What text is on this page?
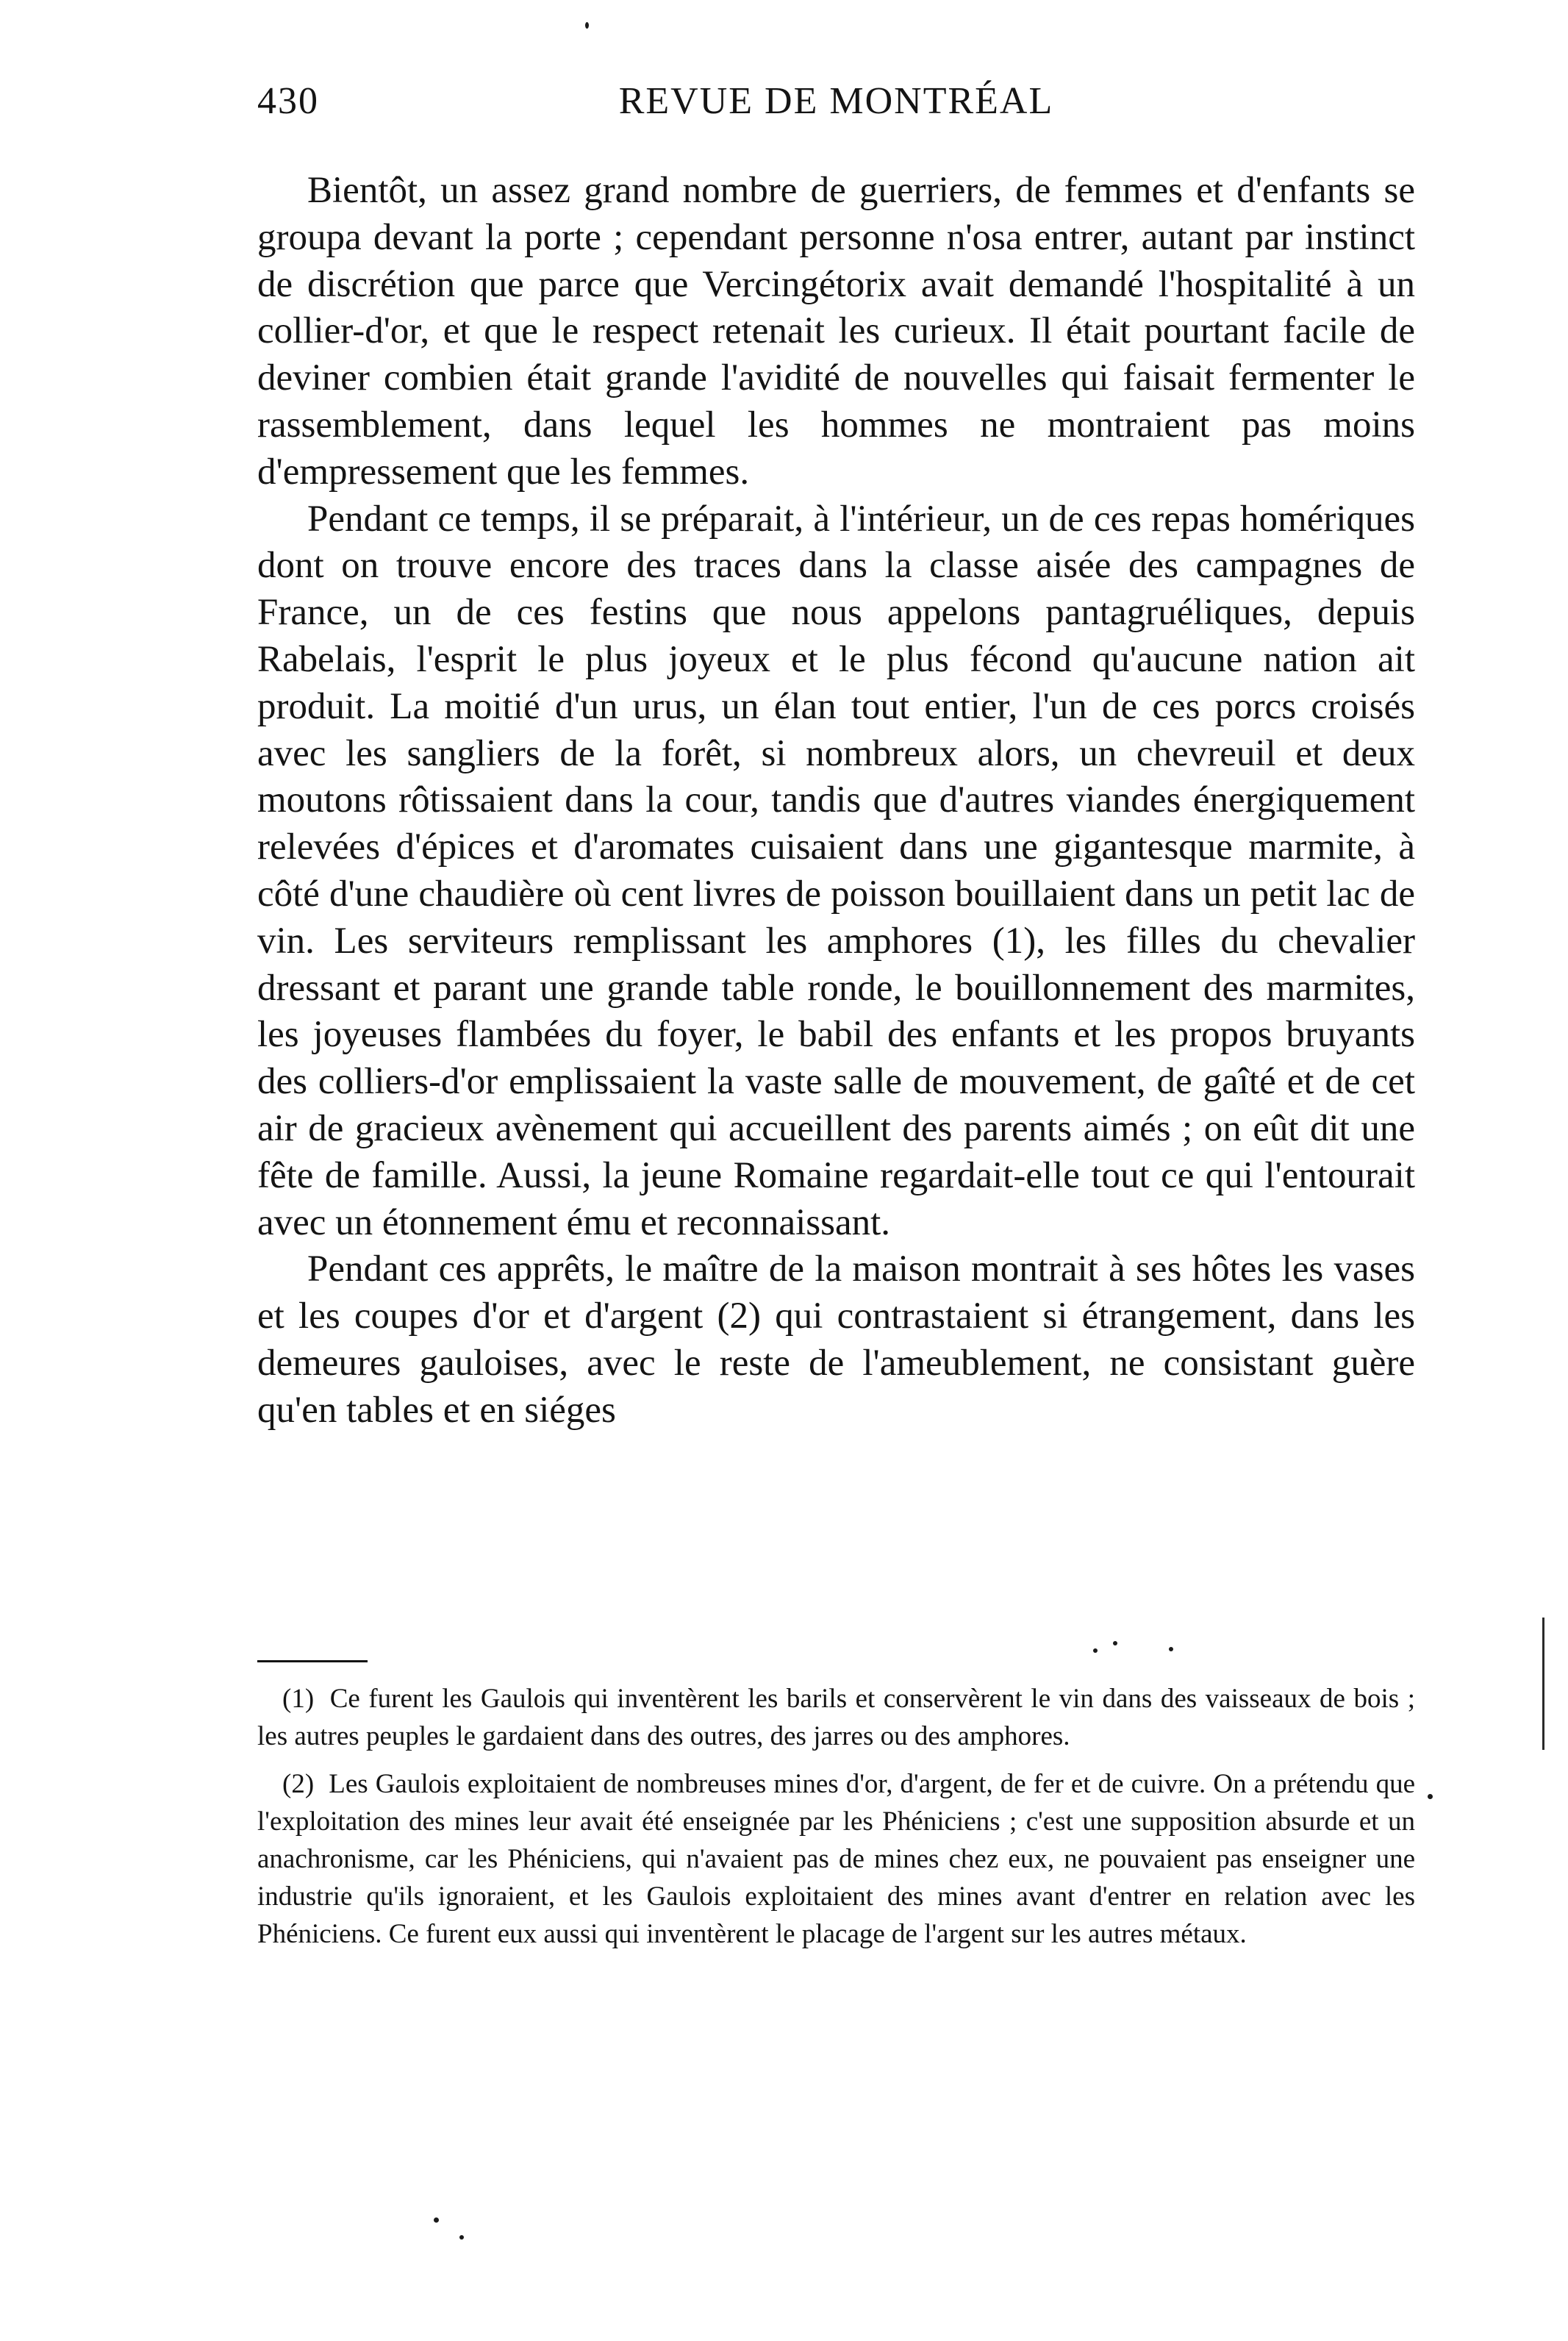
430	REVUE DE MONTRÉAL

Bientôt, un assez grand nombre de guerriers, de femmes et d'enfants se groupa devant la porte ; cependant personne n'osa entrer, autant par instinct de discrétion que parce que Vercingétorix avait demandé l'hospitalité à un collier-d'or, et que le respect retenait les curieux. Il était pourtant facile de deviner combien était grande l'avidité de nouvelles qui faisait fermenter le rassemblement, dans lequel les hommes ne montraient pas moins d'empressement que les femmes.

Pendant ce temps, il se préparait, à l'intérieur, un de ces repas homériques dont on trouve encore des traces dans la classe aisée des campagnes de France, un de ces festins que nous appelons pantagruéliques, depuis Rabelais, l'esprit le plus joyeux et le plus fécond qu'aucune nation ait produit. La moitié d'un urus, un élan tout entier, l'un de ces porcs croisés avec les sangliers de la forêt, si nombreux alors, un chevreuil et deux moutons rôtissaient dans la cour, tandis que d'autres viandes énergiquement relevées d'épices et d'aromates cuisaient dans une gigantesque marmite, à côté d'une chaudière où cent livres de poisson bouillaient dans un petit lac de vin. Les serviteurs remplissant les amphores (1), les filles du chevalier dressant et parant une grande table ronde, le bouillonnement des marmites, les joyeuses flambées du foyer, le babil des enfants et les propos bruyants des colliers-d'or emplissaient la vaste salle de mouvement, de gaîté et de cet air de gracieux avènement qui accueillent des parents aimés ; on eût dit une fête de famille. Aussi, la jeune Romaine regardait-elle tout ce qui l'entourait avec un étonnement ému et reconnaissant.

Pendant ces apprêts, le maître de la maison montrait à ses hôtes les vases et les coupes d'or et d'argent (2) qui contrastaient si étrangement, dans les demeures gauloises, avec le reste de l'ameublement, ne consistant guère qu'en tables et en siéges

(1) Ce furent les Gaulois qui inventèrent les barils et conservèrent le vin dans des vaisseaux de bois ; les autres peuples le gardaient dans des outres, des jarres ou des amphores.

(2) Les Gaulois exploitaient de nombreuses mines d'or, d'argent, de fer et de cuivre. On a prétendu que l'exploitation des mines leur avait été enseignée par les Phéniciens ; c'est une supposition absurde et un anachronisme, car les Phéniciens, qui n'avaient pas de mines chez eux, ne pouvaient pas enseigner une industrie qu'ils ignoraient, et les Gaulois exploitaient des mines avant d'entrer en relation avec les Phéniciens. Ce furent eux aussi qui inventèrent le placage de l'argent sur les autres métaux.
